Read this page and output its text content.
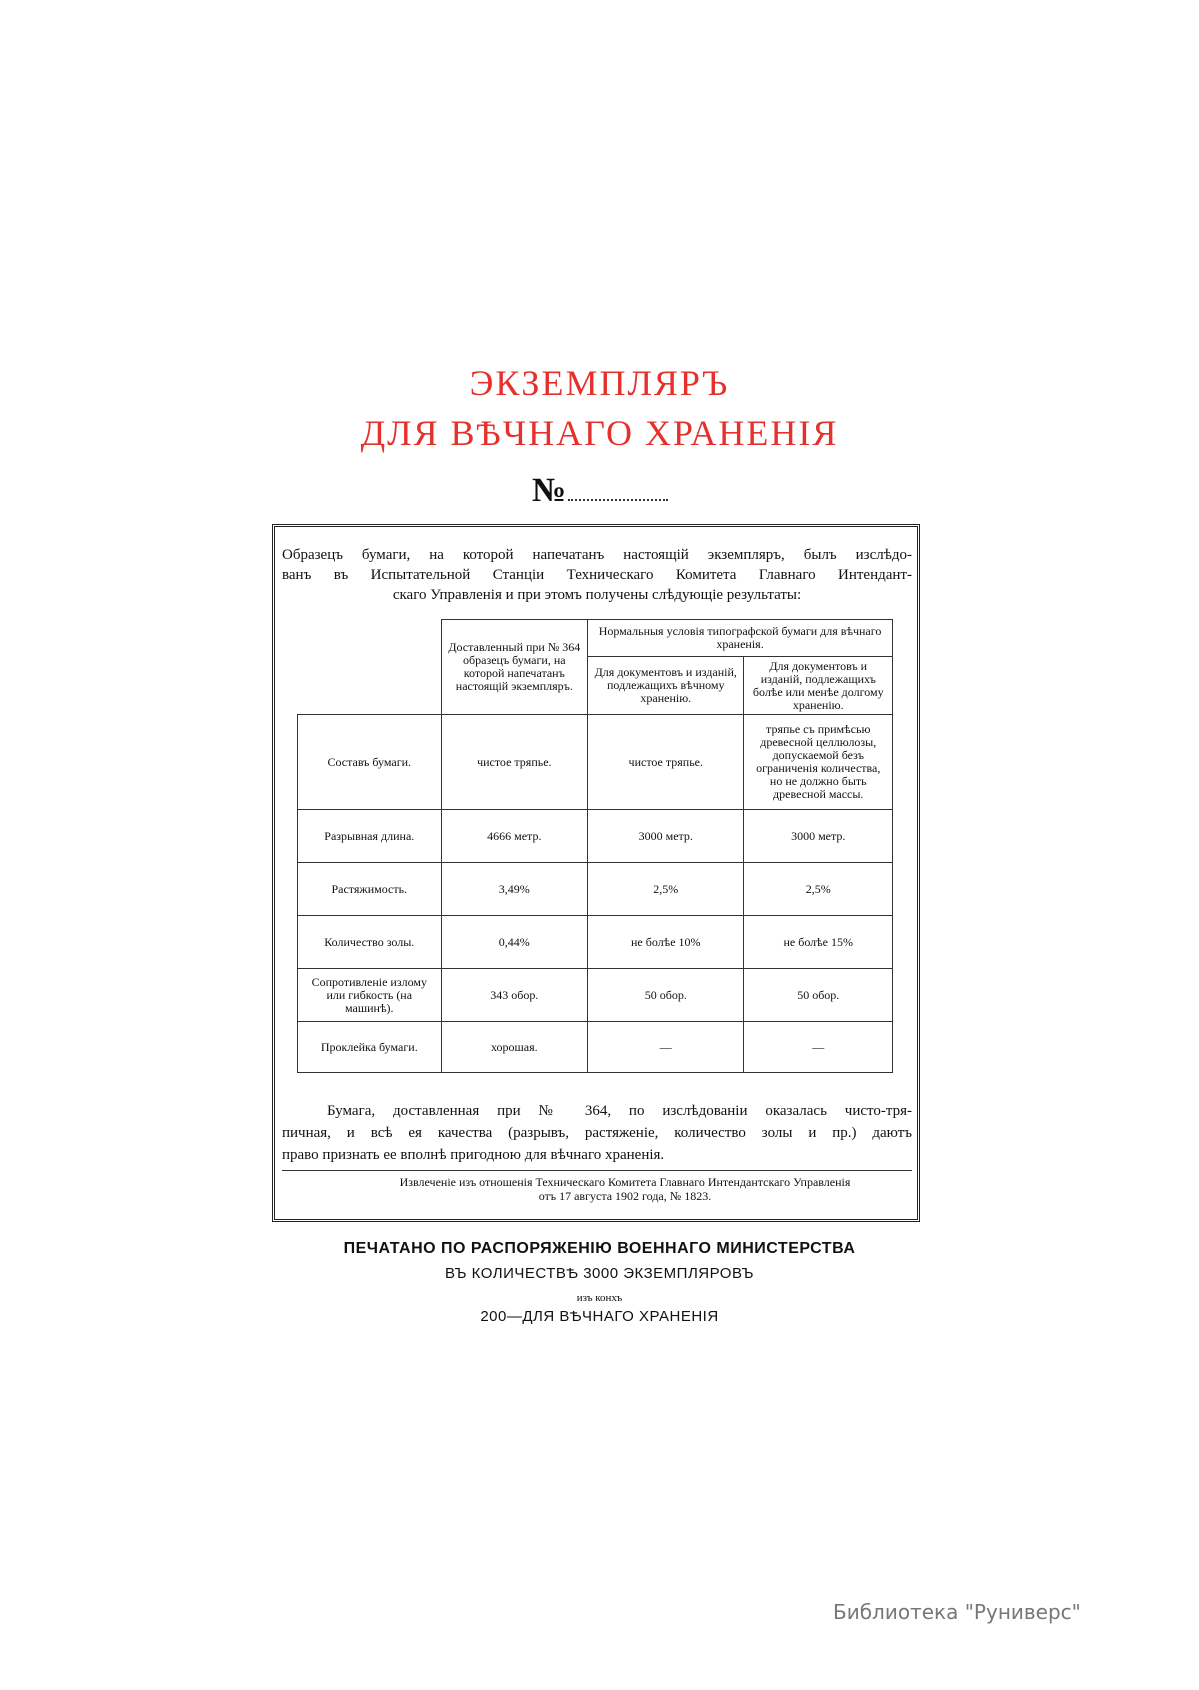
ЭКЗЕМПЛЯРЪ
ДЛЯ ВѢЧНАГО ХРАНЕНІЯ
№
Образецъ бумаги, на которой напечатанъ настоящій экземпляръ, былъ изслѣдо-
ванъ въ Испытательной Станціи Техническаго Комитета Главнаго Интендант-
скаго Управленія и при этомъ получены слѣдующіе результаты:
	Доставленный при № 364 образецъ бумаги, на которой напечатанъ настоящій экземпляръ.	Нормальныя условія типографской бумаги для вѣчнаго храненія.	
		Для документовъ и изданій, подлежащихъ вѣчному храненію.	Для документовъ и изданій, подлежащихъ болѣе или менѣе долгому храненію.
Составъ бумаги.	чистое тряпье.	чистое тряпье.	тряпье съ примѣсью древесной целлюлозы, допускаемой безъ ограниченія количества, но не должно быть древесной массы.
Разрывная длина.	4666 метр.	3000 метр.	3000 метр.
Растяжимость.	3,49%	2,5%	2,5%
Количество золы.	0,44%	не болѣе 10%	не болѣе 15%
Сопротивленіе излому или гибкость (на машинѣ).	343 обор.	50 обор.	50 обор.
Проклейка бумаги.	хорошая.	—	—
Бумага, доставленная при № 364, по изслѣдованіи оказалась чисто-тря-
пичная, и всѣ ея качества (разрывъ, растяженіе, количество золы и пр.) даютъ
право признать ее вполнѣ пригодною для вѣчнаго храненія.
Извлеченіе изъ отношенія Техническаго Комитета Главнаго Интендантскаго Управленія
отъ 17 августа 1902 года, № 1823.
ПЕЧАТАНО ПО РАСПОРЯЖЕНІЮ ВОЕННАГО МИНИСТЕРСТВА
ВЪ КОЛИЧЕСТВѢ 3000 ЭКЗЕМПЛЯРОВЪ
изъ конхъ
200—ДЛЯ ВѢЧНАГО ХРАНЕНІЯ
Библиотека "Руниверс"
